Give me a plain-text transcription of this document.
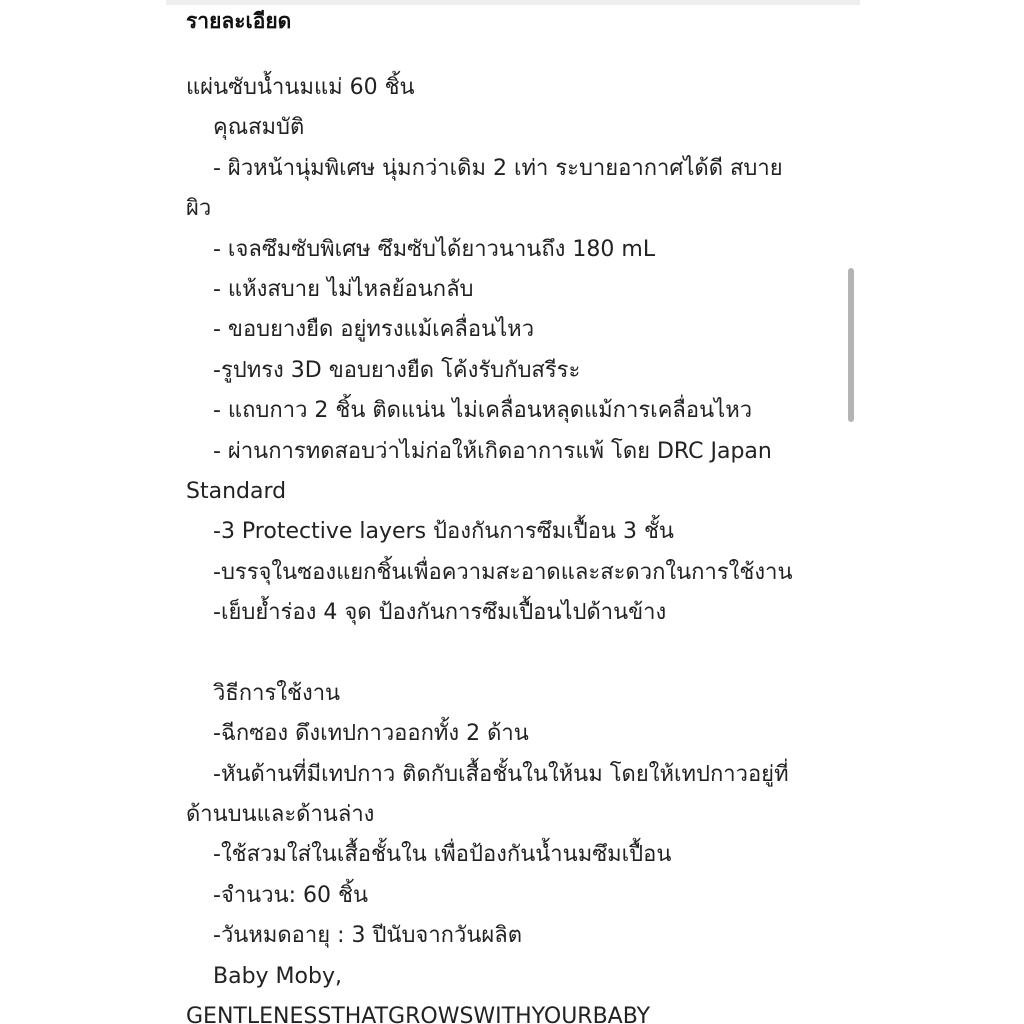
รายละเอียด
แผ่นซับน้ำนมแม่ 60 ชิ้น
คุณสมบัติ
- ผิวหน้านุ่มพิเศษ นุ่มกว่าเดิม 2 เท่า ระบายอากาศได้ดี สบาย
ผิว
- เจลซึมซับพิเศษ ซึมซับได้ยาวนานถึง 180 mL
- แห้งสบาย ไม่ไหลย้อนกลับ
- ขอบยางยืด อยู่ทรงแม้เคลื่อนไหว
-รูปทรง 3D ขอบยางยืด โค้งรับกับสรีระ
- แถบกาว 2 ชิ้น ติดแน่น ไม่เคลื่อนหลุดแม้การเคลื่อนไหว
- ผ่านการทดสอบว่าไม่ก่อให้เกิดอาการแพ้ โดย DRC Japan
Standard
-3 Protective layers ป้องกันการซึมเปื้อน 3 ชั้น
-บรรจุในซองแยกชิ้นเพื่อความสะอาดและสะดวกในการใช้งาน
-เย็บย้ำร่อง 4 จุด ป้องกันการซึมเปื้อนไปด้านข้าง
วิธีการใช้งาน
-ฉีกซอง ดึงเทปกาวออกทั้ง 2 ด้าน
-หันด้านที่มีเทปกาว ติดกับเสื้อชั้นในให้นม โดยให้เทปกาวอยู่ที่
ด้านบนและด้านล่าง
-ใช้สวมใส่ในเสื้อชั้นใน เพื่อป้องกันน้ำนมซึมเปื้อน
-จำนวน: 60 ชิ้น
-วันหมดอายุ : 3 ปีนับจากวันผลิต
Baby Moby,
GENTLENESSTHATGROWSWITHYOURBABY
